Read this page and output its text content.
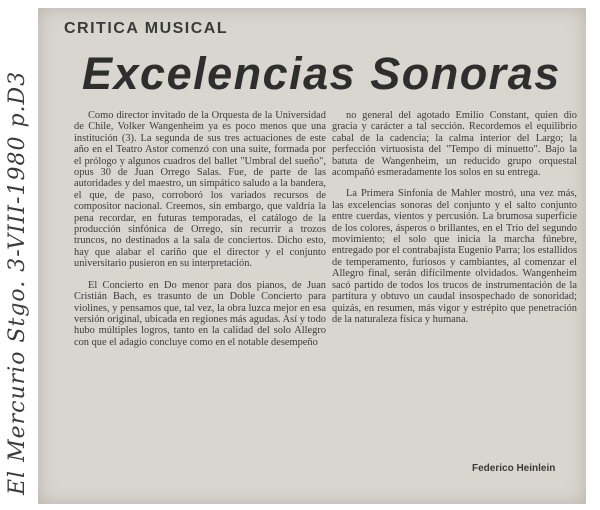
CRITICA MUSICAL
Excelencias Sonoras

Como director invitado de la Orquesta de la Universidad de Chile, Volker Wangenheim ya es poco menos que una institución (3). La segunda de sus tres actuaciones de este año en el Teatro Astor comenzó con una suite, formada por el prólogo y algunos cuadros del ballet "Umbral del sueño", opus 30 de Juan Orrego Salas. Fue, de parte de las autoridades y del maestro, un simpático saludo a la bandera, el que, de paso, corroboró los variados recursos de compositor nacional. Creemos, sin embargo, que valdría la pena recordar, en futuras temporadas, el catálogo de la producción sinfónica de Orrego, sin recurrir a trozos truncos, no destinados a la sala de conciertos. Dicho esto, hay que alabar el cariño que el director y el conjunto universitario pusieron en su interpretación.

El Concierto en Do menor para dos pianos, de Juan Cristián Bach, es trasunto de un Doble Concierto para violines, y pensamos que, tal vez, la obra luzca mejor en esa versión original, ubicada en regiones más agudas. Así y todo hubo múltiples logros, tanto en la calidad del solo Allegro con que el adagio concluye como en el notable desempeño

no general del agotado Emilio Constant, quien dio gracia y carácter a tal sección. Recordemos el equilibrio cabal de la cadencia; la calma interior del Largo; la perfección virtuosista del "Tempo di minuetto". Bajo la batuta de Wangenheim, un reducido grupo orquestal acompañó esmeradamente los solos en su entrega.

La Primera Sinfonía de Mahler mostró, una vez más, las excelencias sonoras del conjunto y el salto conjunto entre cuerdas, vientos y percusión. La brumosa superficie de los colores, ásperos o brillantes, en el Trío del segundo movimiento; el solo que inicia la marcha fúnebre, entregado por el contrabajista Eugenio Parra; los estallidos de temperamento, furiosos y cambiantes, al comenzar el Allegro final, serán difícilmente olvidados. Wangenheim sacó partido de todos los trucos de instrumentación de la partitura y obtuvo un caudal insospechado de sonoridad; quizás, en resumen, más vigor y estrépito que penetración de la naturaleza física y humana.

Federico Heinlein
El Mercurio Stgo. 3-VIII-1980 p.D3
